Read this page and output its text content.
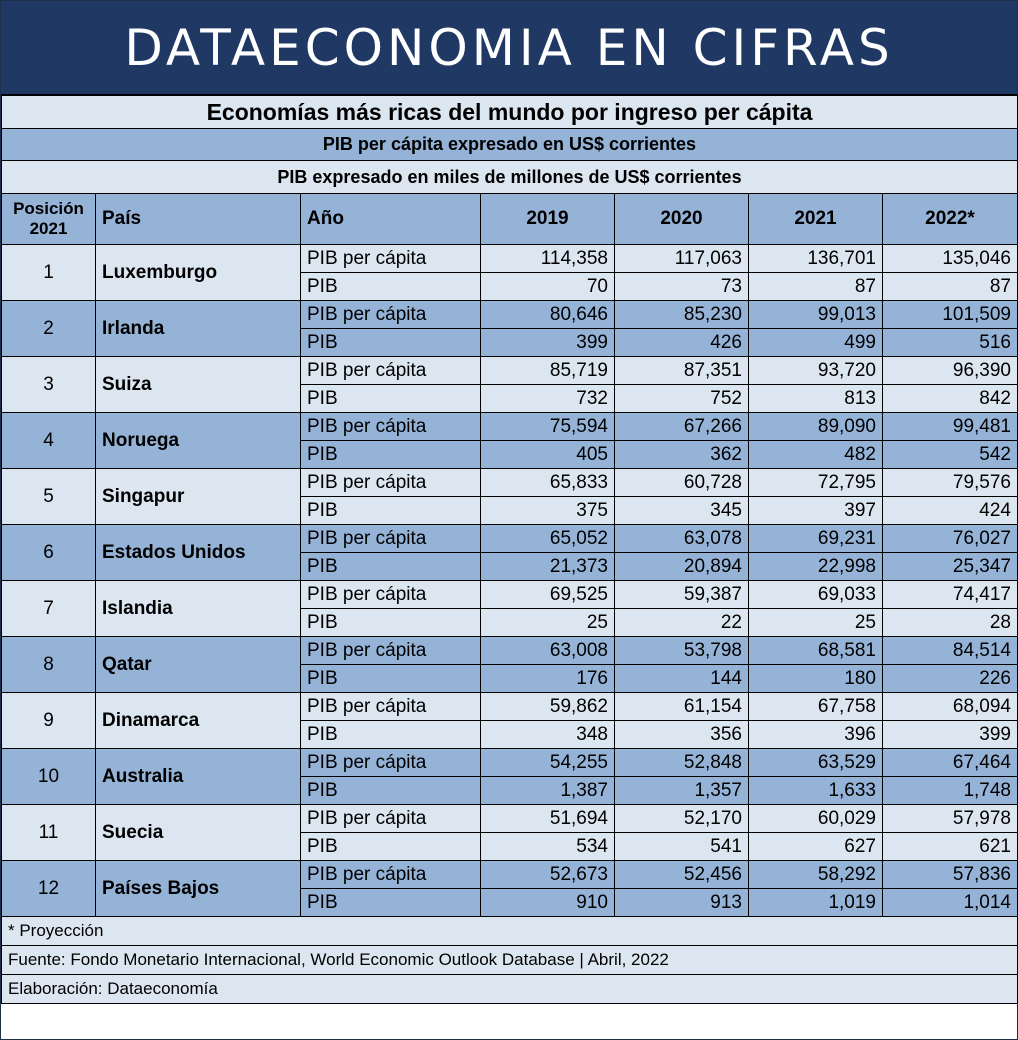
DATAECONOMIA EN CIFRAS
Economías más ricas del mundo por ingreso per cápita						
PIB per cápita expresado en US$ corrientes						
PIB expresado en miles de millones de US$ corrientes						
Posición
2021	País	Año	2019	2020	2021	2022*
1	Luxemburgo	PIB per cápita	114,358	117,063	136,701	135,046
		PIB	70	73	87	87
2	Irlanda	PIB per cápita	80,646	85,230	99,013	101,509
		PIB	399	426	499	516
3	Suiza	PIB per cápita	85,719	87,351	93,720	96,390
		PIB	732	752	813	842
4	Noruega	PIB per cápita	75,594	67,266	89,090	99,481
		PIB	405	362	482	542
5	Singapur	PIB per cápita	65,833	60,728	72,795	79,576
		PIB	375	345	397	424
6	Estados Unidos	PIB per cápita	65,052	63,078	69,231	76,027
		PIB	21,373	20,894	22,998	25,347
7	Islandia	PIB per cápita	69,525	59,387	69,033	74,417
		PIB	25	22	25	28
8	Qatar	PIB per cápita	63,008	53,798	68,581	84,514
		PIB	176	144	180	226
9	Dinamarca	PIB per cápita	59,862	61,154	67,758	68,094
		PIB	348	356	396	399
10	Australia	PIB per cápita	54,255	52,848	63,529	67,464
		PIB	1,387	1,357	1,633	1,748
11	Suecia	PIB per cápita	51,694	52,170	60,029	57,978
		PIB	534	541	627	621
12	Países Bajos	PIB per cápita	52,673	52,456	58,292	57,836
		PIB	910	913	1,019	1,014
* Proyección						
Fuente: Fondo Monetario Internacional, World Economic Outlook Database | Abril, 2022						
Elaboración: Dataeconomía						
